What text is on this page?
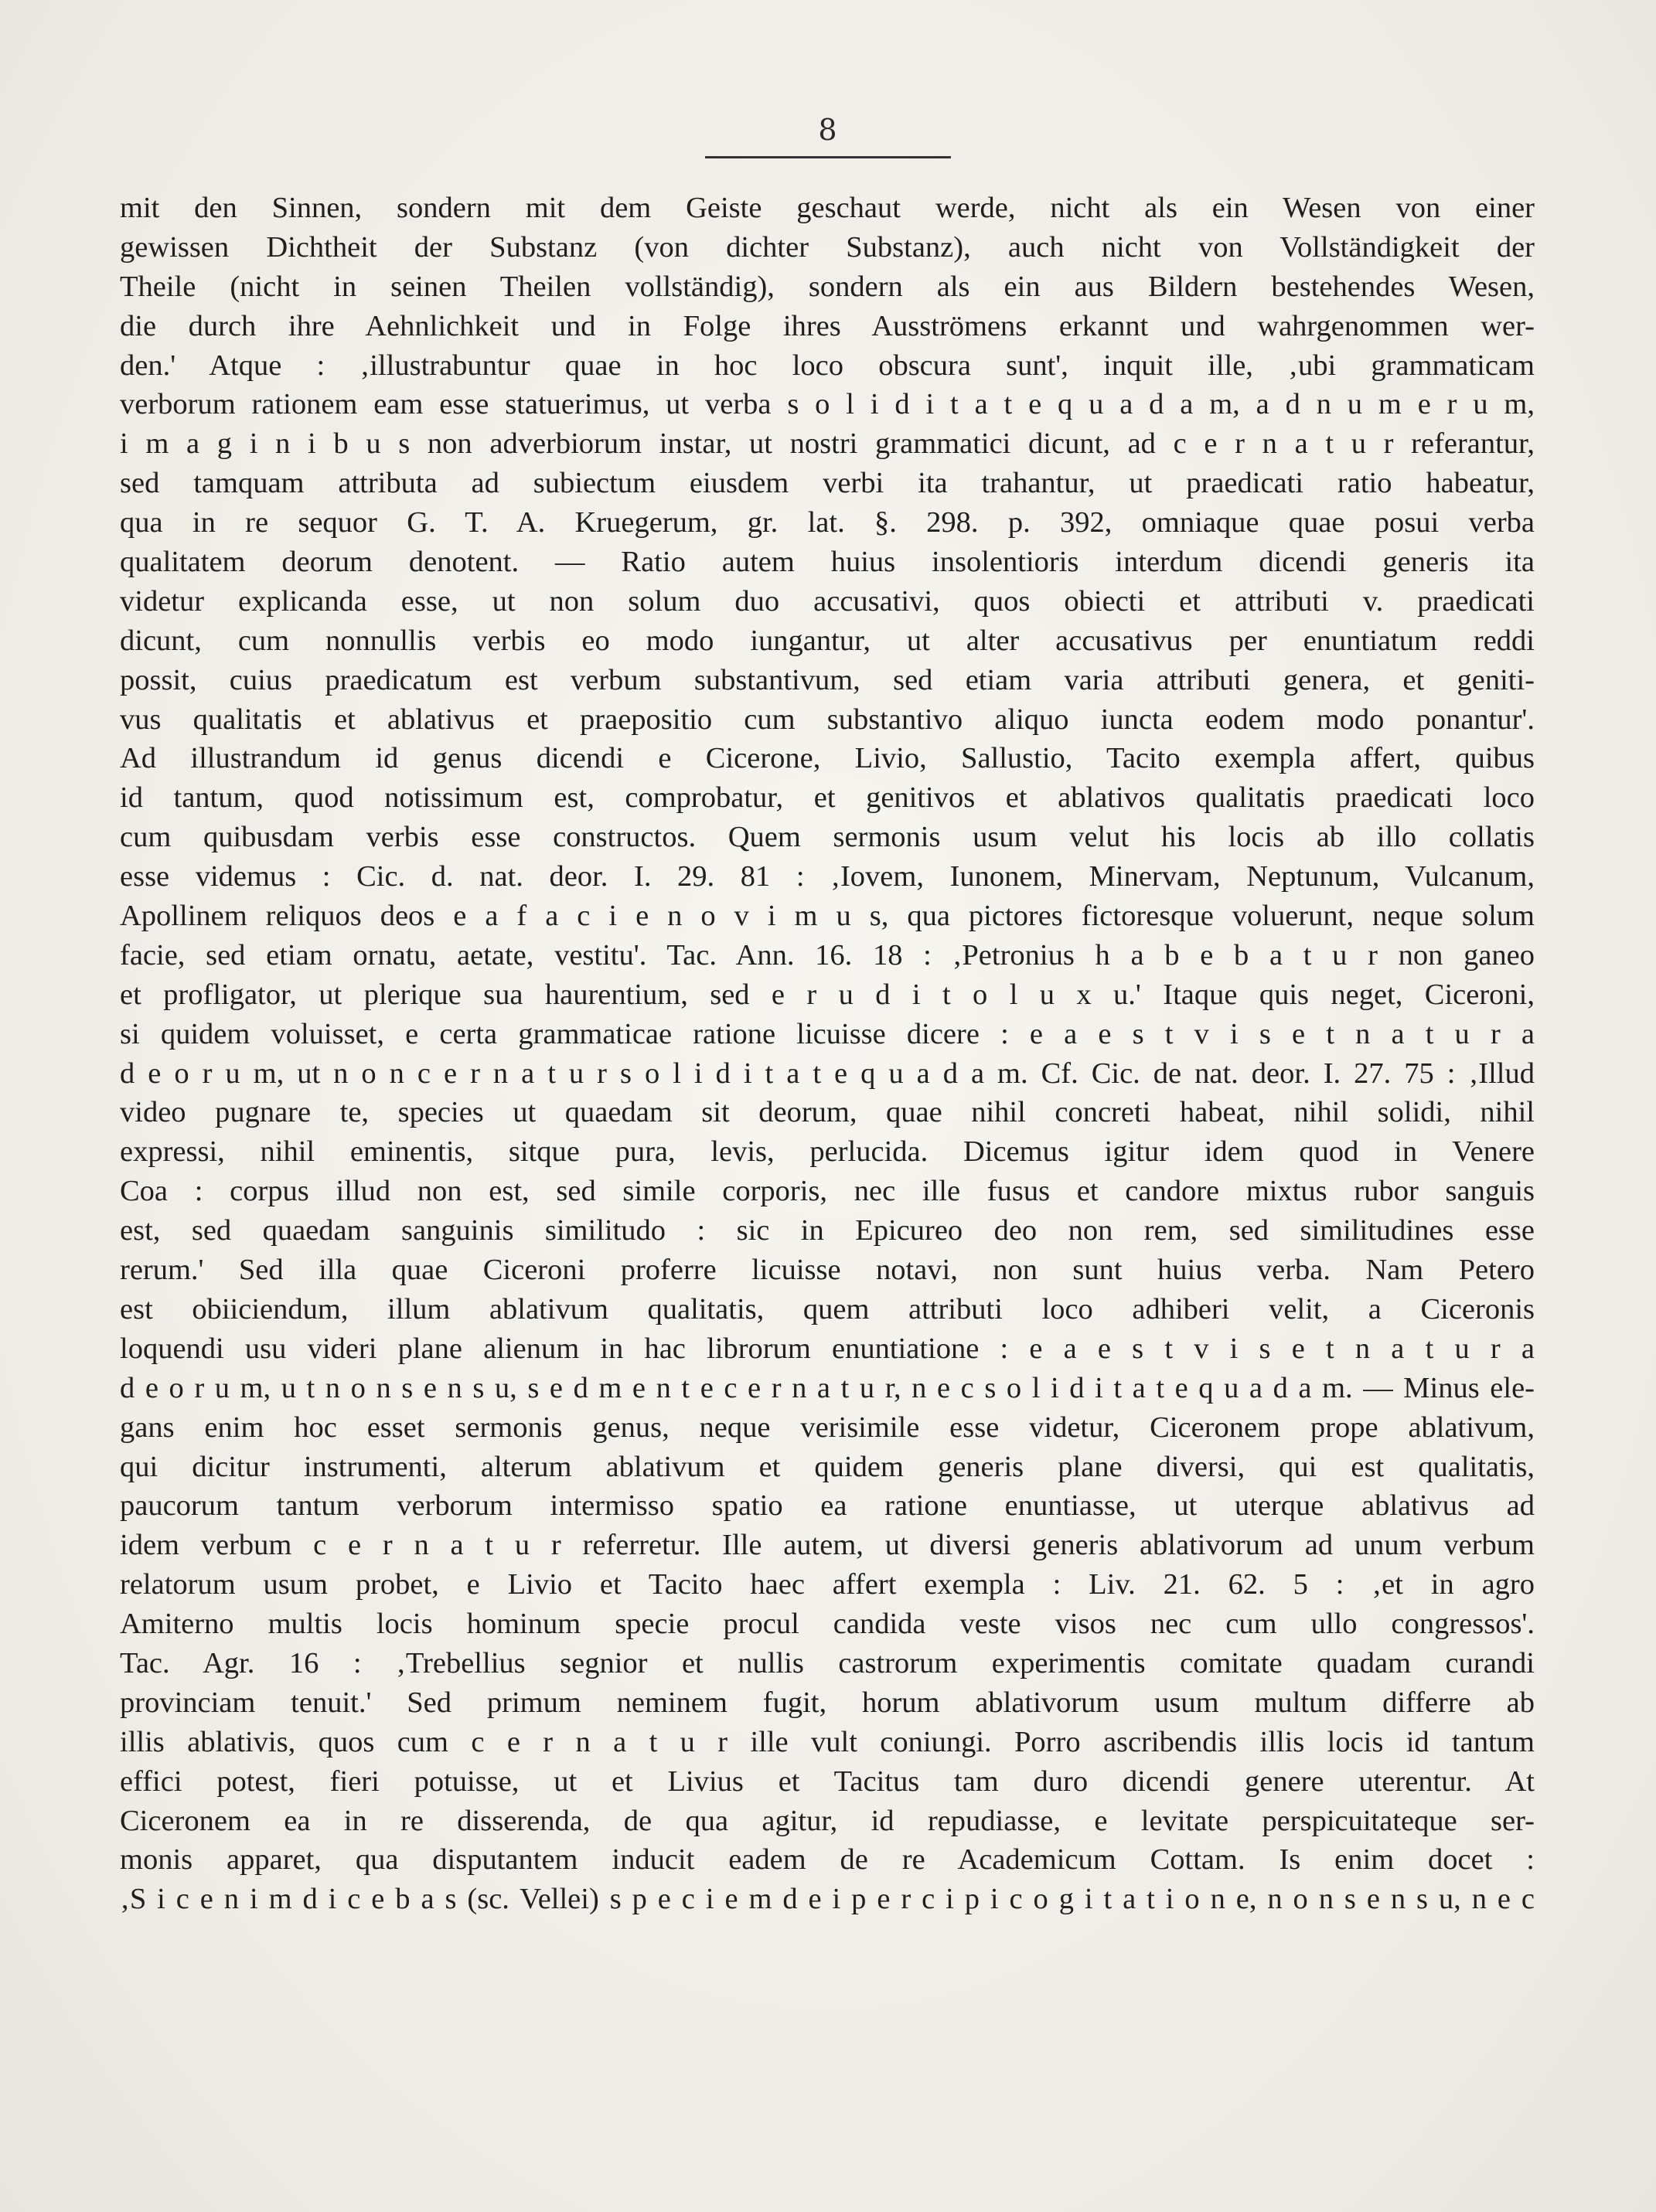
8
mit den Sinnen, sondern mit dem Geiste geschaut werde, nicht als ein Wesen von einer
gewissen Dichtheit der Substanz (von dichter Substanz), auch nicht von Vollständigkeit der
Theile (nicht in seinen Theilen vollständig), sondern als ein aus Bildern bestehendes Wesen,
die durch ihre Aehnlichkeit und in Folge ihres Ausströmens erkannt und wahrgenommen wer-
den.' Atque : ‚illustrabuntur quae in hoc loco obscura sunt', inquit ille, ‚ubi grammaticam
verborum rationem eam esse statuerimus, ut verba s o l i d i t a t e q u a d a m, a d n u m e r u m,
i m a g i n i b u s non adverbiorum instar, ut nostri grammatici dicunt, ad c e r n a t u r referantur,
sed tamquam attributa ad subiectum eiusdem verbi ita trahantur, ut praedicati ratio habeatur,
qua in re sequor G. T. A. Kruegerum, gr. lat. §. 298. p. 392, omniaque quae posui verba
qualitatem deorum denotent. — Ratio autem huius insolentioris interdum dicendi generis ita
videtur explicanda esse, ut non solum duo accusativi, quos obiecti et attributi v. praedicati
dicunt, cum nonnullis verbis eo modo iungantur, ut alter accusativus per enuntiatum reddi
possit, cuius praedicatum est verbum substantivum, sed etiam varia attributi genera, et geniti-
vus qualitatis et ablativus et praepositio cum substantivo aliquo iuncta eodem modo ponantur'.
Ad illustrandum id genus dicendi e Cicerone, Livio, Sallustio, Tacito exempla affert, quibus
id tantum, quod notissimum est, comprobatur, et genitivos et ablativos qualitatis praedicati loco
cum quibusdam verbis esse constructos. Quem sermonis usum velut his locis ab illo collatis
esse videmus : Cic. d. nat. deor. I. 29. 81 : ‚Iovem, Iunonem, Minervam, Neptunum, Vulcanum,
Apollinem reliquos deos e a f a c i e n o v i m u s, qua pictores fictoresque voluerunt, neque solum
facie, sed etiam ornatu, aetate, vestitu'. Tac. Ann. 16. 18 : ‚Petronius h a b e b a t u r non ganeo
et profligator, ut plerique sua haurentium, sed e r u d i t o l u x u.' Itaque quis neget, Ciceroni,
si quidem voluisset, e certa grammaticae ratione licuisse dicere : e a e s t v i s e t n a t u r a
d e o r u m, ut n o n c e r n a t u r s o l i d i t a t e q u a d a m. Cf. Cic. de nat. deor. I. 27. 75 : ‚Illud
video pugnare te, species ut quaedam sit deorum, quae nihil concreti habeat, nihil solidi, nihil
expressi, nihil eminentis, sitque pura, levis, perlucida. Dicemus igitur idem quod in Venere
Coa : corpus illud non est, sed simile corporis, nec ille fusus et candore mixtus rubor sanguis
est, sed quaedam sanguinis similitudo : sic in Epicureo deo non rem, sed similitudines esse
rerum.' Sed illa quae Ciceroni proferre licuisse notavi, non sunt huius verba. Nam Petero
est obiiciendum, illum ablativum qualitatis, quem attributi loco adhiberi velit, a Ciceronis
loquendi usu videri plane alienum in hac librorum enuntiatione : e a e s t v i s e t n a t u r a
d e o r u m, u t n o n s e n s u, s e d m e n t e c e r n a t u r, n e c s o l i d i t a t e q u a d a m. — Minus ele-
gans enim hoc esset sermonis genus, neque verisimile esse videtur, Ciceronem prope ablativum,
qui dicitur instrumenti, alterum ablativum et quidem generis plane diversi, qui est qualitatis,
paucorum tantum verborum intermisso spatio ea ratione enuntiasse, ut uterque ablativus ad
idem verbum c e r n a t u r referretur. Ille autem, ut diversi generis ablativorum ad unum verbum
relatorum usum probet, e Livio et Tacito haec affert exempla : Liv. 21. 62. 5 : ‚et in agro
Amiterno multis locis hominum specie procul candida veste visos nec cum ullo congressos'.
Tac. Agr. 16 : ‚Trebellius segnior et nullis castrorum experimentis comitate quadam curandi
provinciam tenuit.' Sed primum neminem fugit, horum ablativorum usum multum differre ab
illis ablativis, quos cum c e r n a t u r ille vult coniungi. Porro ascribendis illis locis id tantum
effici potest, fieri potuisse, ut et Livius et Tacitus tam duro dicendi genere uterentur. At
Ciceronem ea in re disserenda, de qua agitur, id repudiasse, e levitate perspicuitateque ser-
monis apparet, qua disputantem inducit eadem de re Academicum Cottam. Is enim docet :
‚S i c e n i m d i c e b a s (sc. Vellei) s p e c i e m d e i p e r c i p i c o g i t a t i o n e, n o n s e n s u, n e c
